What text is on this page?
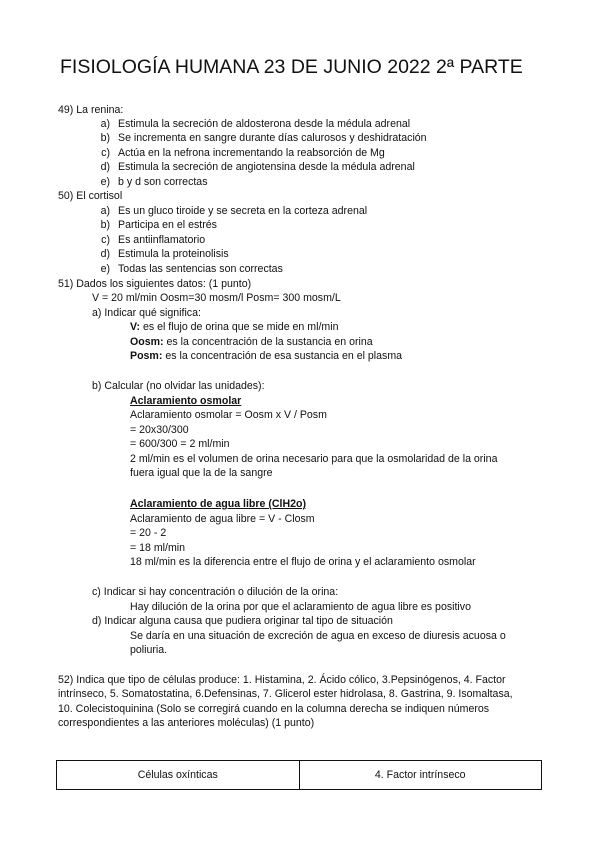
FISIOLOGÍA HUMANA 23 DE JUNIO 2022 2ª PARTE
49) La renina:
a) Estimula la secreción de aldosterona desde la médula adrenal
b) Se incrementa en sangre durante días calurosos y deshidratación
c) Actúa en la nefrona incrementando la reabsorción de Mg
d) Estimula la secreción de angiotensina desde la médula adrenal
e) b y d son correctas
50) El cortisol
a) Es un gluco tiroide y se secreta en la corteza adrenal
b) Participa en el estrés
c) Es antiinflamatorio
d) Estimula la proteinolisis
e) Todas las sentencias son correctas
51) Dados los siguientes datos: (1 punto)
V = 20 ml/min Oosm=30 mosm/l Posm= 300 mosm/L
a) Indicar qué significa:
V: es el flujo de orina que se mide en ml/min
Oosm: es la concentración de la sustancia en orina
Posm: es la concentración de esa sustancia en el plasma
b) Calcular (no olvidar las unidades):
Aclaramiento osmolar
Aclaramiento osmolar = Oosm x V / Posm
= 20x30/300
= 600/300 = 2 ml/min
2 ml/min es el volumen de orina necesario para que la osmolaridad de la orina
fuera igual que la de la sangre
Aclaramiento de agua libre (ClH2o)
Aclaramiento de agua libre = V - Closm
= 20 - 2
= 18 ml/min
18 ml/min es la diferencia entre el flujo de orina y el aclaramiento osmolar
c) Indicar si hay concentración o dilución de la orina:
Hay dilución de la orina por que el aclaramiento de agua libre es positivo
d) Indicar alguna causa que pudiera originar tal tipo de situación
Se daría en una situación de excreción de agua en exceso de diuresis acuosa o
poliuria.
52) Indica que tipo de células produce: 1. Histamina, 2. Ácido cólico, 3.Pepsinógenos, 4. Factor
intrínseco, 5. Somatostatina, 6.Defensinas, 7. Glicerol ester hidrolasa, 8. Gastrina, 9. Isomaltasa,
10. Colecistoquinina (Solo se corregirá cuando en la columna derecha se indiquen números
correspondientes a las anteriores moléculas) (1 punto)
Células oxínticas	4. Factor intrínseco
